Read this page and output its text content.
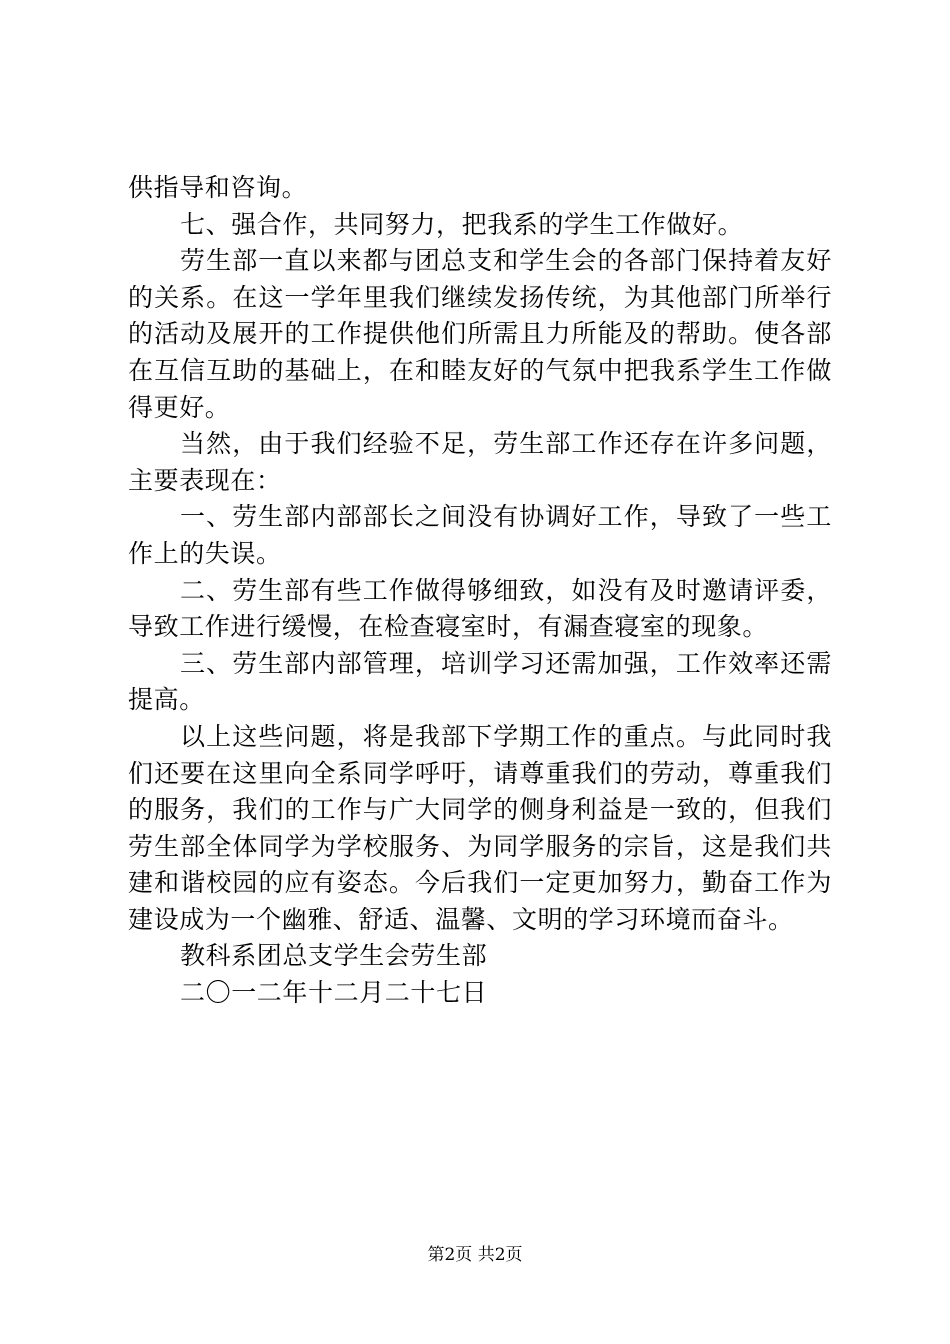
供指导和咨询。

七、强合作，共同努力，把我系的学生工作做好。

劳生部一直以来都与团总支和学生会的各部门保持着友好的关系。在这一学年里我们继续发扬传统，为其他部门所举行的活动及展开的工作提供他们所需且力所能及的帮助。使各部在互信互助的基础上，在和睦友好的气氛中把我系学生工作做得更好。

当然，由于我们经验不足，劳生部工作还存在许多问题，主要表现在：

一、劳生部内部部长之间没有协调好工作，导致了一些工作上的失误。

二、劳生部有些工作做得够细致，如没有及时邀请评委，导致工作进行缓慢，在检查寝室时，有漏查寝室的现象。

三、劳生部内部管理，培训学习还需加强，工作效率还需提高。

以上这些问题，将是我部下学期工作的重点。与此同时我们还要在这里向全系同学呼吁，请尊重我们的劳动，尊重我们的服务，我们的工作与广大同学的侧身利益是一致的，但我们劳生部全体同学为学校服务、为同学服务的宗旨，这是我们共建和谐校园的应有姿态。今后我们一定更加努力，勤奋工作为建设成为一个幽雅、舒适、温馨、文明的学习环境而奋斗。

教科系团总支学生会劳生部

二〇一二年十二月二十七日

第2页 共2页
